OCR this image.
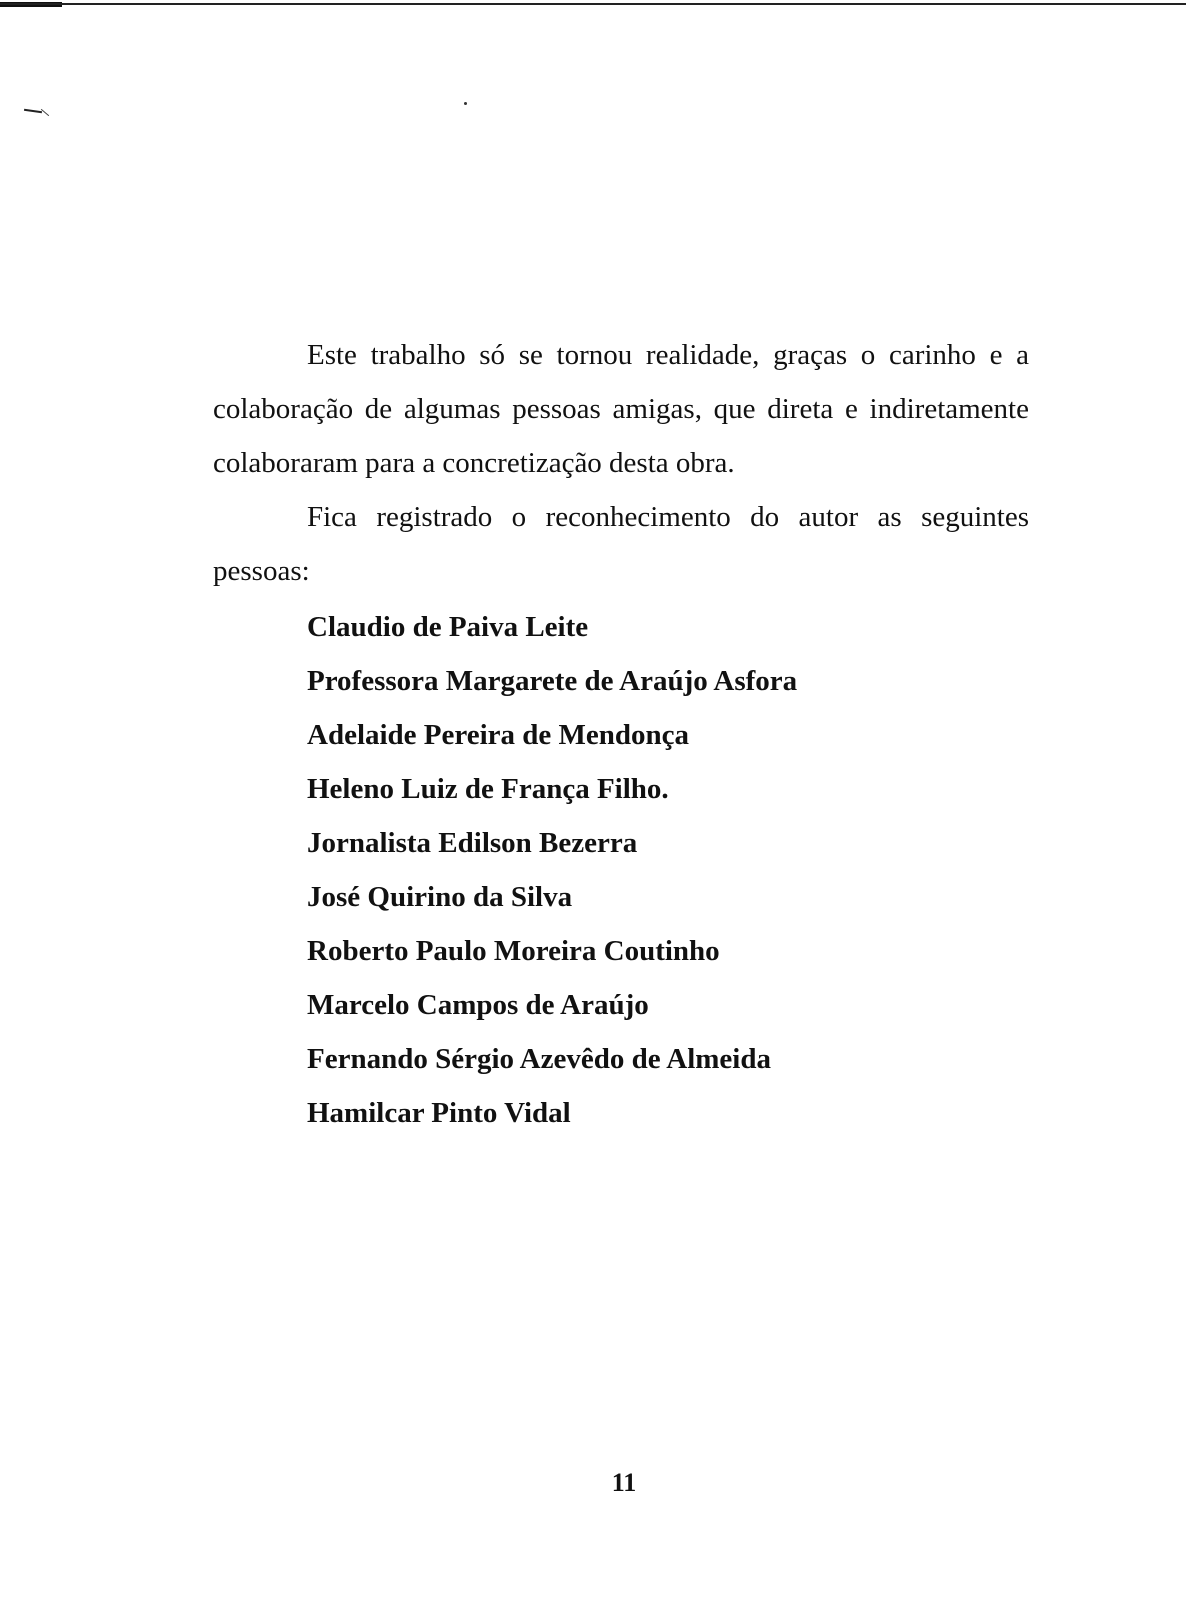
Este trabalho só se tornou realidade, graças o carinho e a colaboração de algumas pessoas amigas, que direta e indiretamente colaboraram para a concretização desta obra.

Fica registrado o reconhecimento do autor as seguintes pessoas:

Claudio de Paiva Leite
Professora Margarete de Araújo Asfora
Adelaide Pereira de Mendonça
Heleno Luiz de França Filho.
Jornalista Edilson Bezerra
José Quirino da Silva
Roberto Paulo Moreira Coutinho
Marcelo Campos de Araújo
Fernando Sérgio Azevêdo de Almeida
Hamilcar Pinto Vidal
11
